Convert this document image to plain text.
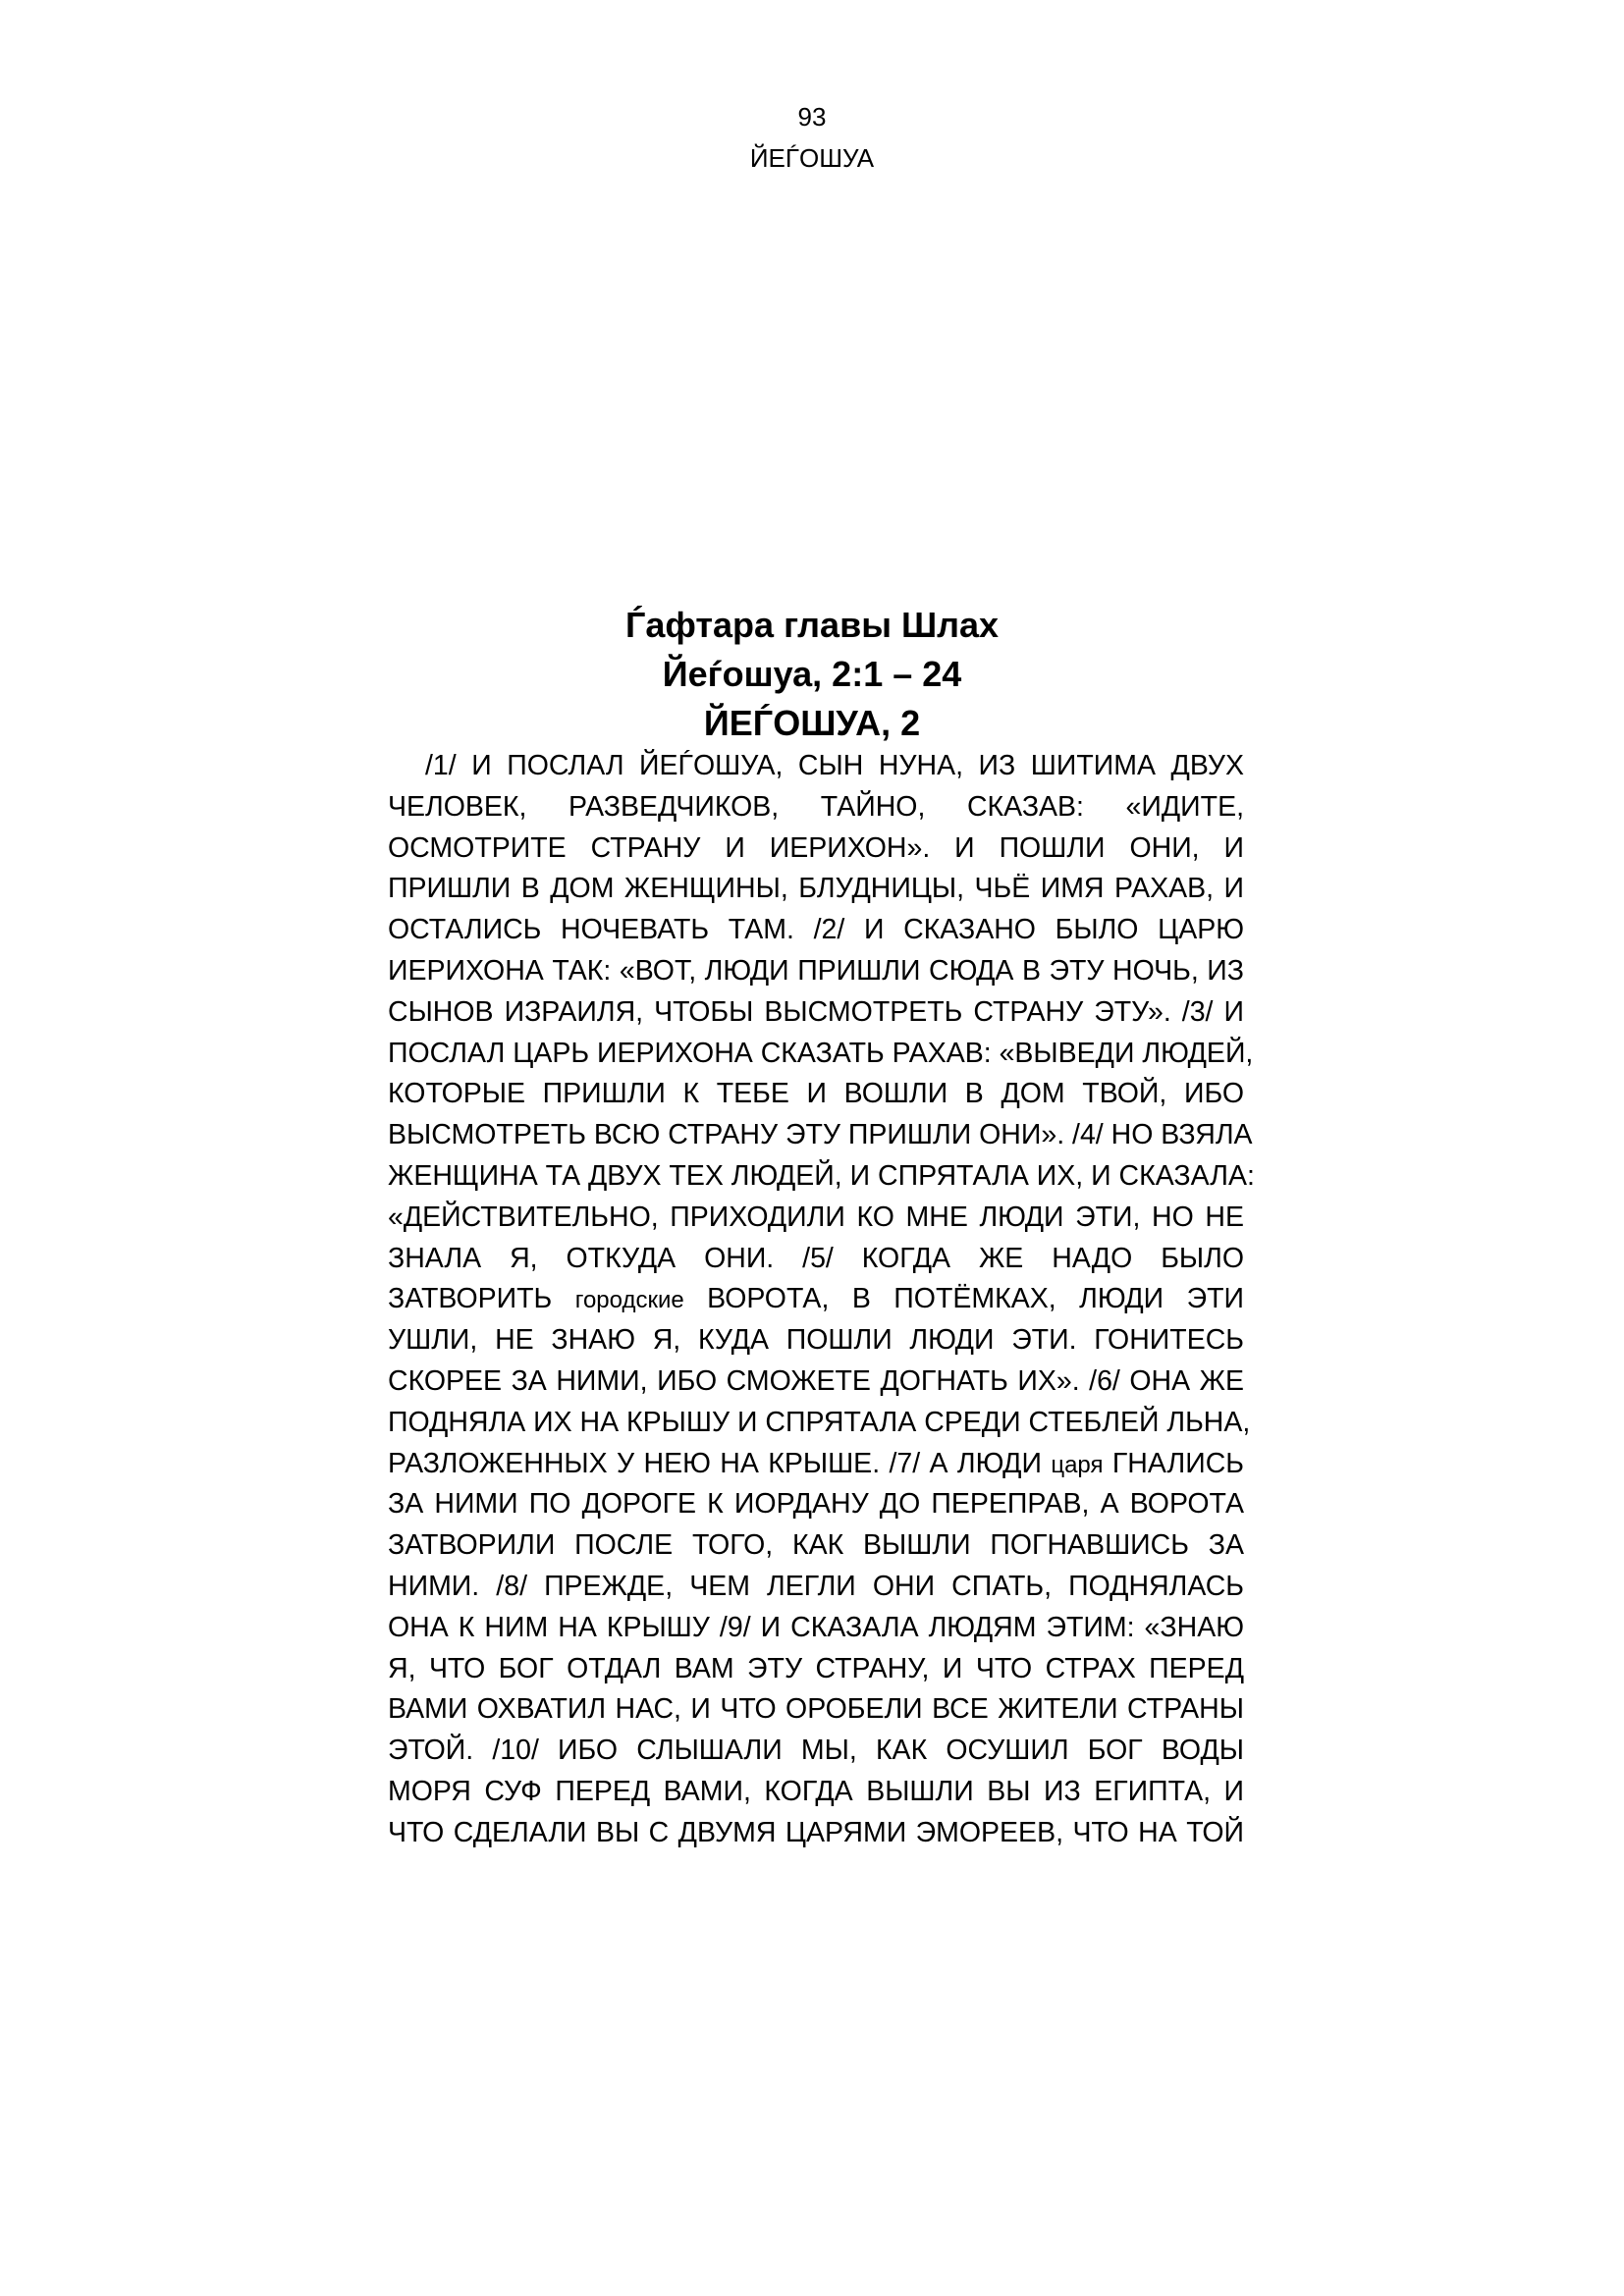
93
ЙЕЃОШУА
Ѓафтара главы Шлах
Йеѓошуа, 2:1 – 24
ЙЕЃОШУА, 2
/1/ И ПОСЛАЛ ЙЕЃОШУА, СЫН НУНА, ИЗ ШИТИМА ДВУХ
ЧЕЛОВЕК, РАЗВЕДЧИКОВ, ТАЙНО, СКАЗАВ: «ИДИТЕ,
ОСМОТРИТЕ СТРАНУ И ИЕРИХОН». И ПОШЛИ ОНИ, И
ПРИШЛИ В ДОМ ЖЕНЩИНЫ, БЛУДНИЦЫ, ЧЬЁ ИМЯ РАХАВ, И
ОСТАЛИСЬ НОЧЕВАТЬ ТАМ. /2/ И СКАЗАНО БЫЛО ЦАРЮ
ИЕРИХОНА ТАК: «ВОТ, ЛЮДИ ПРИШЛИ СЮДА В ЭТУ НОЧЬ, ИЗ
СЫНОВ ИЗРАИЛЯ, ЧТОБЫ ВЫСМОТРЕТЬ СТРАНУ ЭТУ». /3/ И
ПОСЛАЛ ЦАРЬ ИЕРИХОНА СКАЗАТЬ РАХАВ: «ВЫВЕДИ ЛЮДЕЙ,
КОТОРЫЕ ПРИШЛИ К ТЕБЕ И ВОШЛИ В ДОМ ТВОЙ, ИБО
ВЫСМОТРЕТЬ ВСЮ СТРАНУ ЭТУ ПРИШЛИ ОНИ». /4/ НО ВЗЯЛА
ЖЕНЩИНА ТА ДВУХ ТЕХ ЛЮДЕЙ, И СПРЯТАЛА ИХ, И СКАЗАЛА:
«ДЕЙСТВИТЕЛЬНО, ПРИХОДИЛИ КО МНЕ ЛЮДИ ЭТИ, НО НЕ
ЗНАЛА Я, ОТКУДА ОНИ. /5/ КОГДА ЖЕ НАДО БЫЛО
ЗАТВОРИТЬ городские ВОРОТА, В ПОТЁМКАХ, ЛЮДИ ЭТИ
УШЛИ, НЕ ЗНАЮ Я, КУДА ПОШЛИ ЛЮДИ ЭТИ. ГОНИТЕСЬ
СКОРЕЕ ЗА НИМИ, ИБО СМОЖЕТЕ ДОГНАТЬ ИХ». /6/ ОНА ЖЕ
ПОДНЯЛА ИХ НА КРЫШУ И СПРЯТАЛА СРЕДИ СТЕБЛЕЙ ЛЬНА,
РАЗЛОЖЕННЫХ У НЕЮ НА КРЫШЕ. /7/ А ЛЮДИ царя ГНАЛИСЬ
ЗА НИМИ ПО ДОРОГЕ К ИОРДАНУ ДО ПЕРЕПРАВ, А ВОРОТА
ЗАТВОРИЛИ ПОСЛЕ ТОГО, КАК ВЫШЛИ ПОГНАВШИСЬ ЗА
НИМИ. /8/ ПРЕЖДЕ, ЧЕМ ЛЕГЛИ ОНИ СПАТЬ, ПОДНЯЛАСЬ
ОНА К НИМ НА КРЫШУ /9/ И СКАЗАЛА ЛЮДЯМ ЭТИМ: «ЗНАЮ
Я, ЧТО БОГ ОТДАЛ ВАМ ЭТУ СТРАНУ, И ЧТО СТРАХ ПЕРЕД
ВАМИ ОХВАТИЛ НАС, И ЧТО ОРОБЕЛИ ВСЕ ЖИТЕЛИ СТРАНЫ
ЭТОЙ. /10/ ИБО СЛЫШАЛИ МЫ, КАК ОСУШИЛ БОГ ВОДЫ
МОРЯ СУФ ПЕРЕД ВАМИ, КОГДА ВЫШЛИ ВЫ ИЗ ЕГИПТА, И
ЧТО СДЕЛАЛИ ВЫ С ДВУМЯ ЦАРЯМИ ЭМОРЕЕВ, ЧТО НА ТОЙ
